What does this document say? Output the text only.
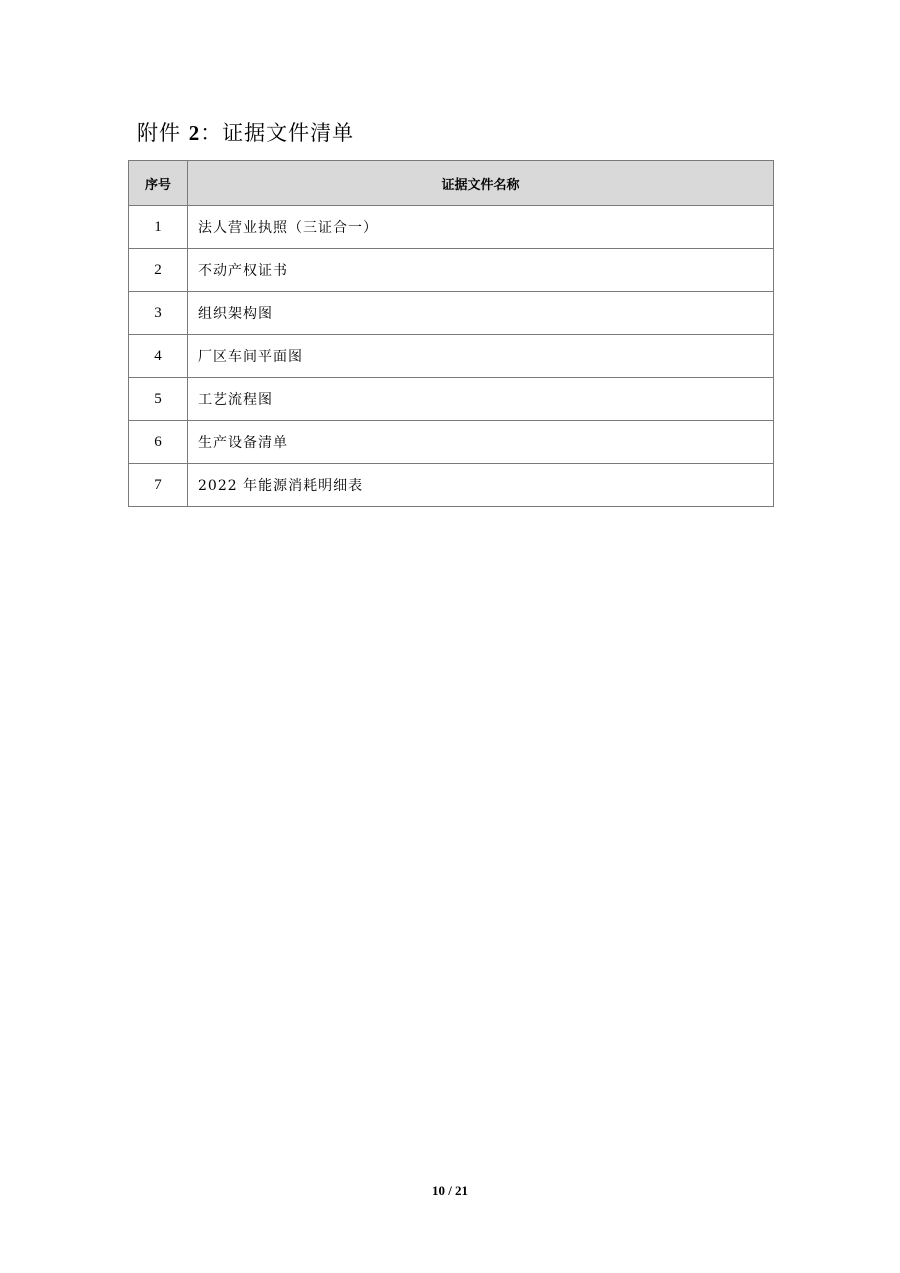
附件 2：证据文件清单
序号	证据文件名称
1	法人营业执照（三证合一）
2	不动产权证书
3	组织架构图
4	厂区车间平面图
5	工艺流程图
6	生产设备清单
7	2022 年能源消耗明细表
10 / 21
